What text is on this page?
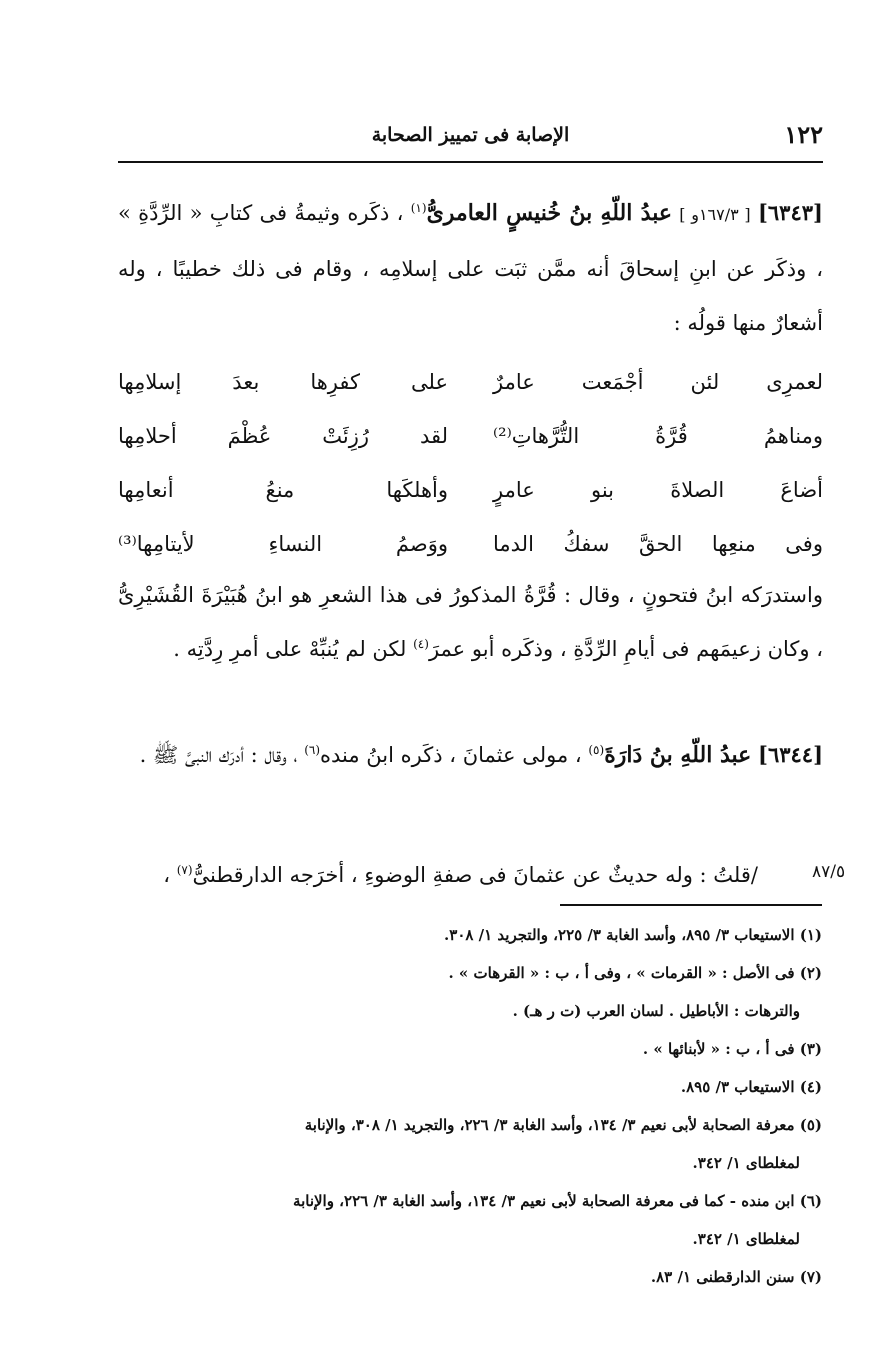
١٢٢
الإصابة فى تمييز الصحابة

[٦٣٤٣] [ ١٦٧/٣و ] عبدُ اللّهِ بنُ خُنيسٍ العامرىُّ$^{(١)}$ ، ذكَره وثيمةُ فى كتابِ « الرِّدَّةِ » ، وذكَر عن ابنِ إسحاقَ أنه ممَّن ثبَت على إسلامِه ، وقام فى ذلك خطيبًا ، وله أشعارٌ منها قولُه :

لعمرِى لئن أجْمَعت عامرٌ
على كفرِها بعدَ إسلامِها
ومناهمُ قُرَّةُ التُّرَّهاتِ⁽²⁾
لقد رُزِئَتْ عُظْمَ أحلامِها
أضاعَ الصلاةَ بنو عامرٍ
وأهلكَها منعُ أنعامِها
وفى منعِها الحقَّ سفكُ الدما
ووَصمُ النساءِ لأيتامِها⁽³⁾

واستدرَكه ابنُ فتحونٍ ، وقال : قُرَّةُ المذكورُ فى هذا الشعرِ هو ابنُ هُبَيْرَةَ القُشَيْرِىُّ ، وكان زعيمَهم فى أيامِ الرِّدَّةِ ، وذكَره أبو عمرَ$^{(٤)}$ لكن لم يُنبِّهْ على أمرِ رِدَّتِه .

[٦٣٤٤] عبدُ اللّهِ بنُ دَارَةَ$^{(٥)}$ ، مولى عثمانَ ، ذكَره ابنُ منده$^{(٦)}$ ، وقال : أدرَك النبىَّ ﷺ .

/قلتُ : وله حديثٌ عن عثمانَ فى صفةِ الوضوءِ ، أخرَجه الدارقطنىُّ$^{(٧)}$ ،	٨٧/٥

(١) الاستيعاب ٣/ ٨٩٥، وأسد الغابة ٣/ ٢٢٥، والتجريد ١/ ٣٠٨.

(٢) فى الأصل : « القرمات » ، وفى أ ، ب : « القرهات » .

والترهات : الأباطيل . لسان العرب (ت ر هـ) .

(٣) فى أ ، ب : « لأبنائها » .

(٤) الاستيعاب ٣/ ٨٩٥.

(٥) معرفة الصحابة لأبى نعيم ٣/ ١٣٤، وأسد الغابة ٣/ ٢٢٦، والتجريد ١/ ٣٠٨، والإنابة

لمغلطاى ١/ ٣٤٢.

(٦) ابن منده - كما فى معرفة الصحابة لأبى نعيم ٣/ ١٣٤، وأسد الغابة ٣/ ٢٢٦، والإنابة

لمغلطاى ١/ ٣٤٢.

(٧) سنن الدارقطنى ١/ ٨٣.
